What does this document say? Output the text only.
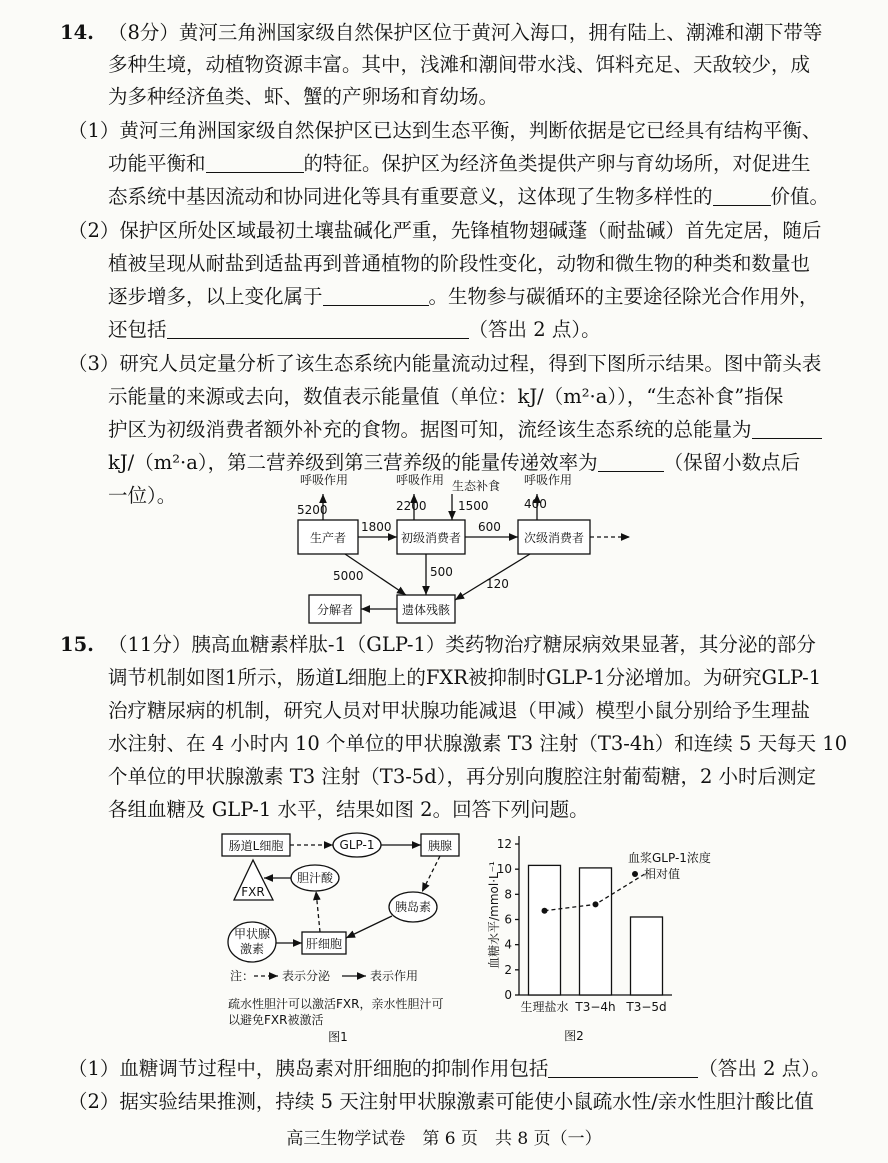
14. （8分）黄河三角洲国家级自然保护区位于黄河入海口，拥有陆上、潮滩和潮下带等
多种生境，动植物资源丰富。其中，浅滩和潮间带水浅、饵料充足、天敌较少，成
为多种经济鱼类、虾、蟹的产卵场和育幼场。
（1）黄河三角洲国家级自然保护区已达到生态平衡，判断依据是它已经具有结构平衡、
功能平衡和	的特征。保护区为经济鱼类提供产卵与育幼场所，对促进生
态系统中基因流动和协同进化等具有重要意义，这体现了生物多样性的	价值。
（2）保护区所处区域最初土壤盐碱化严重，先锋植物翅碱蓬（耐盐碱）首先定居，随后
植被呈现从耐盐到适盐再到普通植物的阶段性变化，动物和微生物的种类和数量也
逐步增多，以上变化属于	。生物参与碳循环的主要途径除光合作用外，
还包括	（答出 2 点）。
（3）研究人员定量分析了该生态系统内能量流动过程，得到下图所示结果。图中箭头表
示能量的来源或去向，数值表示能量值（单位：kJ/（m²·a）），“生态补食”指保
护区为初级消费者额外补充的食物。据图可知，流经该生态系统的总能量为
kJ/（m²·a），第二营养级到第三营养级的能量传递效率为	（保留小数点后
一位）。
生产者	初级消费者	次级消费者
分解者	遗体残骸
呼吸作用
5200
呼吸作用
2200
呼吸作用
400
生态补食
1500
1800	600
5000	500
120
15. （11分）胰高血糖素样肽-1（GLP-1）类药物治疗糖尿病效果显著，其分泌的部分
调节机制如图1所示，肠道L细胞上的FXR被抑制时GLP-1分泌增加。为研究GLP-1
治疗糖尿病的机制，研究人员对甲状腺功能减退（甲减）模型小鼠分别给予生理盐
水注射、在 4 小时内 10 个单位的甲状腺激素 T3 注射（T3-4h）和连续 5 天每天 10
个单位的甲状腺激素 T3 注射（T3-5d），再分别向腹腔注射葡萄糖，2 小时后测定
各组血糖及 GLP-1 水平，结果如图 2。回答下列问题。
肠道L细胞	GLP-1	胰腺
FXR
胆汁酸
胰岛素
甲状腺
激素	肝细胞
注： 表示分泌	表示作用
疏水性胆汁可以激活FXR，亲水性胆汁可
以避免FXR被激活
图1
血糖水平/mmol·L⁻¹
血浆GLP-1浓度
相对值
图2
0
2
4
6
8
10
12
生理盐水 T3−4h T3−5d
（1）血糖调节过程中，胰岛素对肝细胞的抑制作用包括	（答出 2 点）。
（2）据实验结果推测，持续 5 天注射甲状腺激素可能使小鼠疏水性/亲水性胆汁酸比值
高三生物学试卷　第 6 页　共 8 页（一）
